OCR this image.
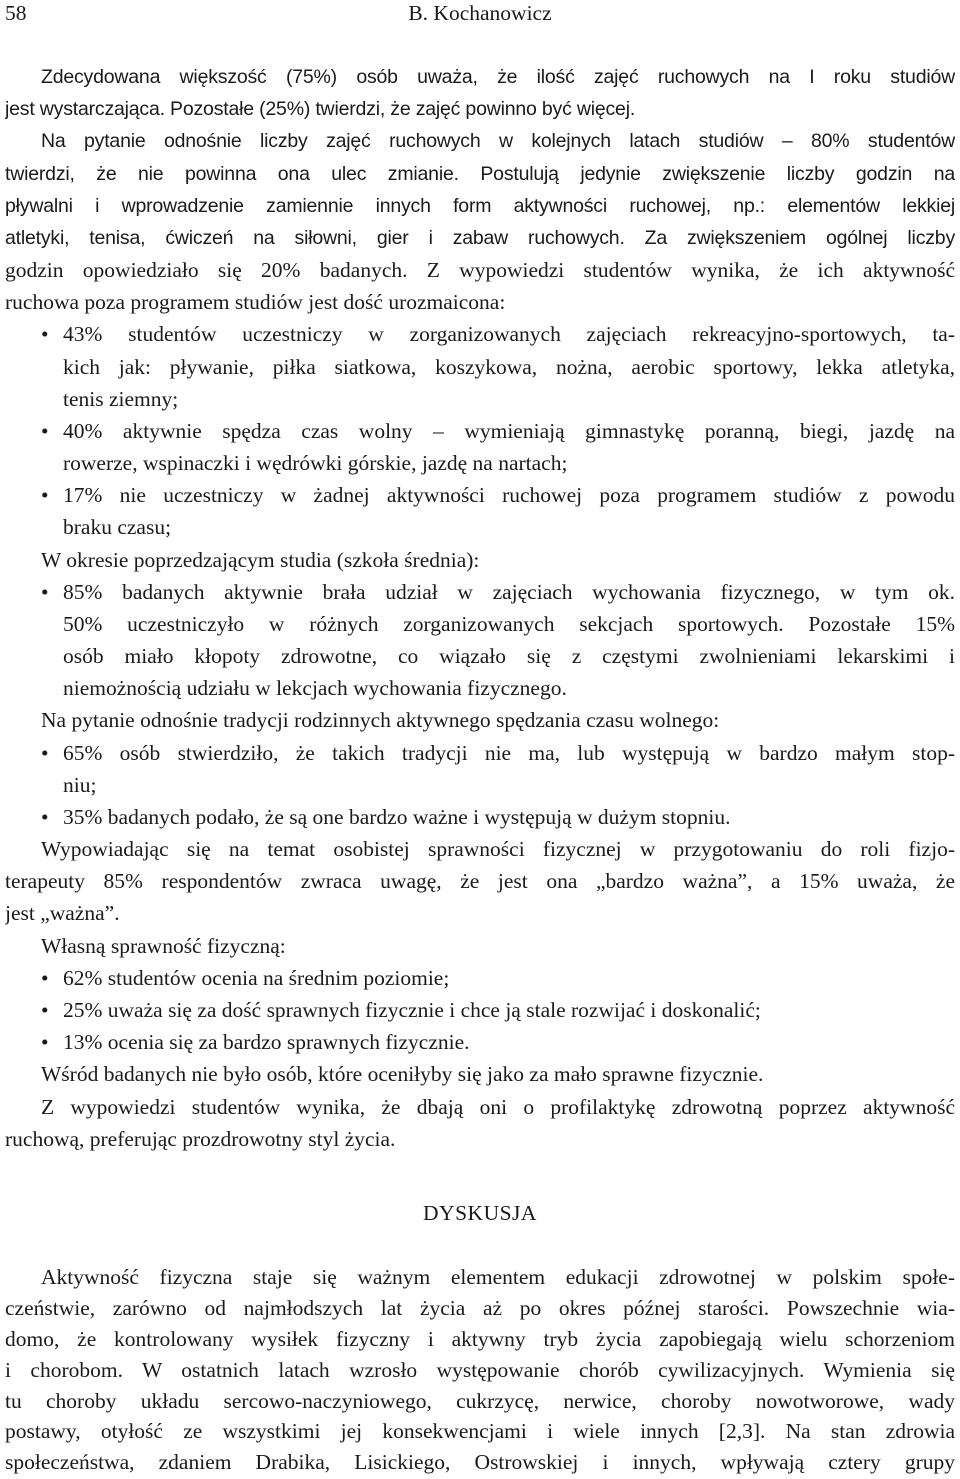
58	B. Kochanowicz
Zdecydowana większość (75%) osób uważa, że ilość zajęć ruchowych na I roku studiów
jest wystarczająca. Pozostałe (25%) twierdzi, że zajęć powinno być więcej.
Na pytanie odnośnie liczby zajęć ruchowych w kolejnych latach studiów – 80% studentów
twierdzi, że nie powinna ona ulec zmianie. Postulują jedynie zwiększenie liczby godzin na
pływalni i wprowadzenie zamiennie innych form aktywności ruchowej, np.: elementów lekkiej
atletyki, tenisa, ćwiczeń na siłowni, gier i zabaw ruchowych. Za zwiększeniem ogólnej liczby
godzin opowiedziało się 20% badanych. Z wypowiedzi studentów wynika, że ich aktywność
ruchowa poza programem studiów jest dość urozmaicona:
• 43% studentów uczestniczy w zorganizowanych zajęciach rekreacyjno-sportowych, ta-
kich jak: pływanie, piłka siatkowa, koszykowa, nożna, aerobic sportowy, lekka atletyka,
tenis ziemny;
• 40% aktywnie spędza czas wolny – wymieniają gimnastykę poranną, biegi, jazdę na
rowerze, wspinaczki i wędrówki górskie, jazdę na nartach;
• 17% nie uczestniczy w żadnej aktywności ruchowej poza programem studiów z powodu
braku czasu;
W okresie poprzedzającym studia (szkoła średnia):
• 85% badanych aktywnie brała udział w zajęciach wychowania fizycznego, w tym ok.
50% uczestniczyło w różnych zorganizowanych sekcjach sportowych. Pozostałe 15%
osób miało kłopoty zdrowotne, co wiązało się z częstymi zwolnieniami lekarskimi i
niemożnością udziału w lekcjach wychowania fizycznego.
Na pytanie odnośnie tradycji rodzinnych aktywnego spędzania czasu wolnego:
• 65% osób stwierdziło, że takich tradycji nie ma, lub występują w bardzo małym stop-
niu;
• 35% badanych podało, że są one bardzo ważne i występują w dużym stopniu.
Wypowiadając się na temat osobistej sprawności fizycznej w przygotowaniu do roli fizjo-
terapeuty 85% respondentów zwraca uwagę, że jest ona „bardzo ważna”, a 15% uważa, że
jest „ważna”.
Własną sprawność fizyczną:
• 62% studentów ocenia na średnim poziomie;
• 25% uważa się za dość sprawnych fizycznie i chce ją stale rozwijać i doskonalić;
• 13% ocenia się za bardzo sprawnych fizycznie.
Wśród badanych nie było osób, które oceniłyby się jako za mało sprawne fizycznie.
Z wypowiedzi studentów wynika, że dbają oni o profilaktykę zdrowotną poprzez aktywność
ruchową, preferując prozdrowotny styl życia.
DYSKUSJA
Aktywność fizyczna staje się ważnym elementem edukacji zdrowotnej w polskim społe-
czeństwie, zarówno od najmłodszych lat życia aż po okres późnej starości. Powszechnie wia-
domo, że kontrolowany wysiłek fizyczny i aktywny tryb życia zapobiegają wielu schorzeniom
i chorobom. W ostatnich latach wzrosło występowanie chorób cywilizacyjnych. Wymienia się
tu choroby układu sercowo-naczyniowego, cukrzycę, nerwice, choroby nowotworowe, wady
postawy, otyłość ze wszystkimi jej konsekwencjami i wiele innych [2,3]. Na stan zdrowia
społeczeństwa, zdaniem Drabika, Lisickiego, Ostrowskiej i innych, wpływają cztery grupy
